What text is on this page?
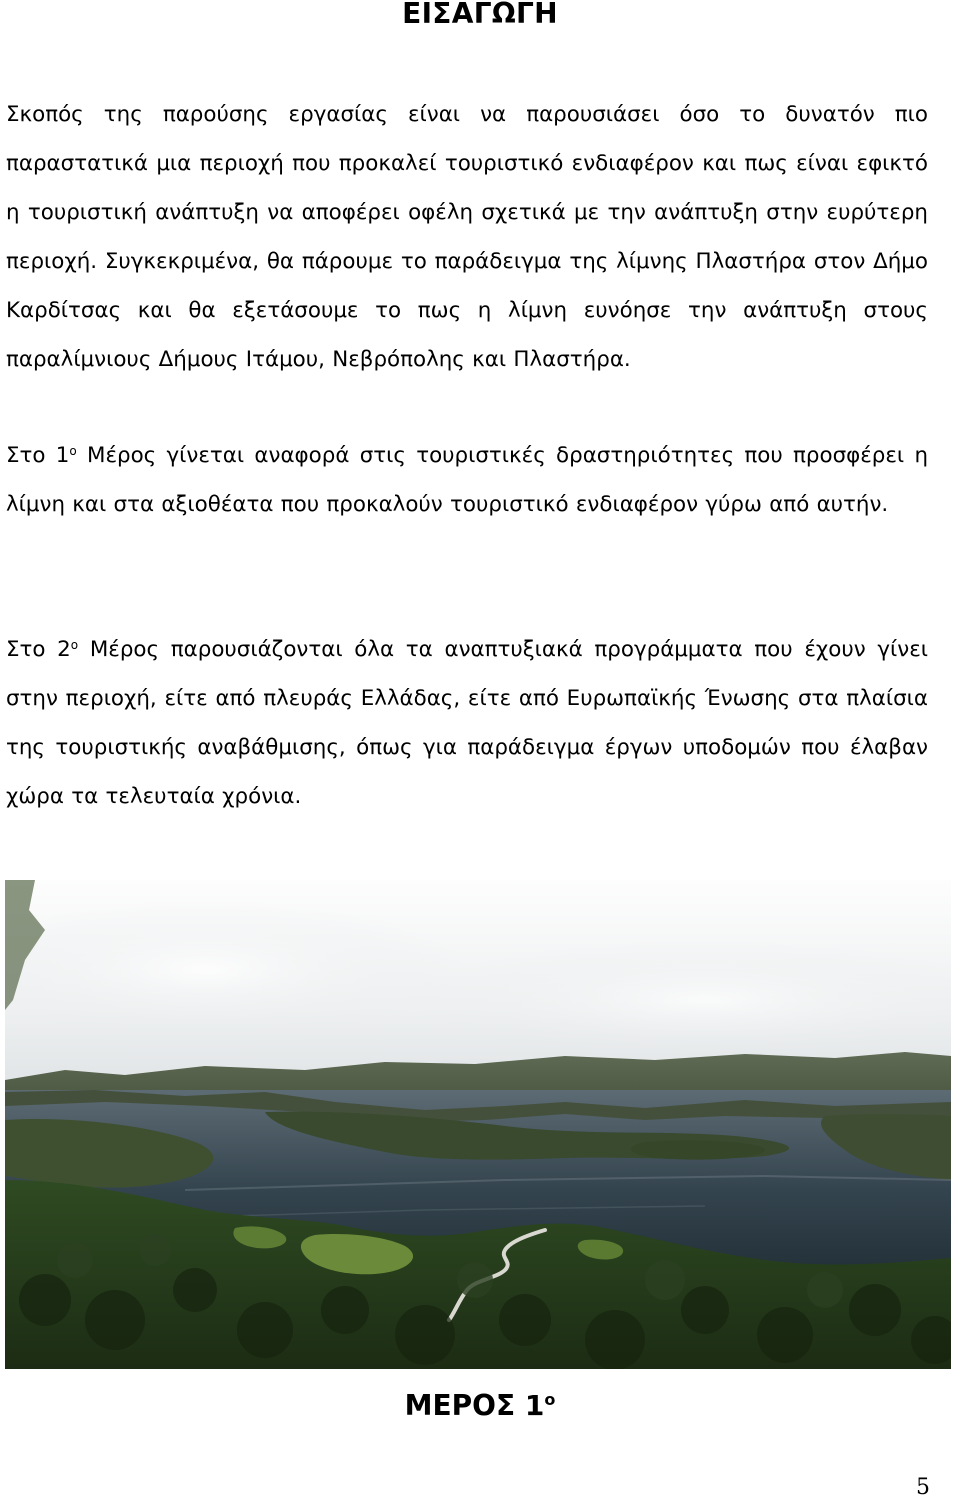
ΕΙΣΑΓΩΓΗ

Σκοπός της παρούσης εργασίας είναι να παρουσιάσει όσο το δυνατόν πιο παραστατικά μια περιοχή που προκαλεί τουριστικό ενδιαφέρον και πως είναι εφικτό η τουριστική ανάπτυξη να αποφέρει οφέλη σχετικά με την ανάπτυξη στην ευρύτερη περιοχή. Συγκεκριμένα, θα πάρουμε το παράδειγμα της λίμνης Πλαστήρα στον Δήμο Καρδίτσας και θα εξετάσουμε το πως η λίμνη ευνόησε την ανάπτυξη στους παραλίμνιους Δήμους Ιτάμου, Νεβρόπολης και Πλαστήρα.

Στο $1^o$ Μέρος γίνεται αναφορά στις τουριστικές δραστηριότητες που προσφέρει η λίμνη και στα αξιοθέατα που προκαλούν τουριστικό ενδιαφέρον γύρω από αυτήν.

Στο $2^o$ Μέρος παρουσιάζονται όλα τα αναπτυξιακά προγράμματα που έχουν γίνει στην περιοχή, είτε από πλευράς Ελλάδας, είτε από Ευρωπαϊκής Ένωσης στα πλαίσια της τουριστικής αναβάθμισης, όπως για παράδειγμα έργων υποδομών που έλαβαν χώρα τα τελευταία χρόνια.

ΜΕΡΟΣ $1^o$
5
